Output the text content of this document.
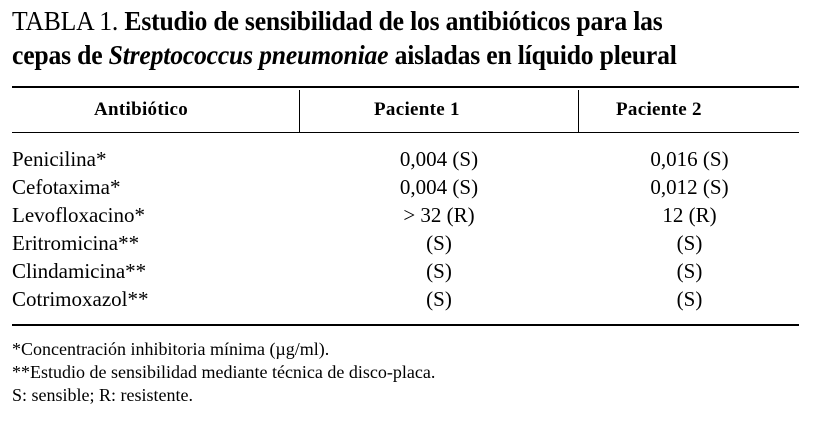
TABLA 1. Estudio de sensibilidad de los antibióticos para las
cepas de Streptococcus pneumoniae aisladas en líquido pleural
Antibiótico	Paciente 1	Paciente 2
Penicilina*	0,004 (S)	0,016 (S)
Cefotaxima*	0,004 (S)	0,012 (S)
Levofloxacino*	> 32 (R)	12 (R)
Eritromicina**	(S)	(S)
Clindamicina**	(S)	(S)
Cotrimoxazol**	(S)	(S)
*Concentración inhibitoria mínima (µg/ml).
**Estudio de sensibilidad mediante técnica de disco-placa.
S: sensible; R: resistente.
